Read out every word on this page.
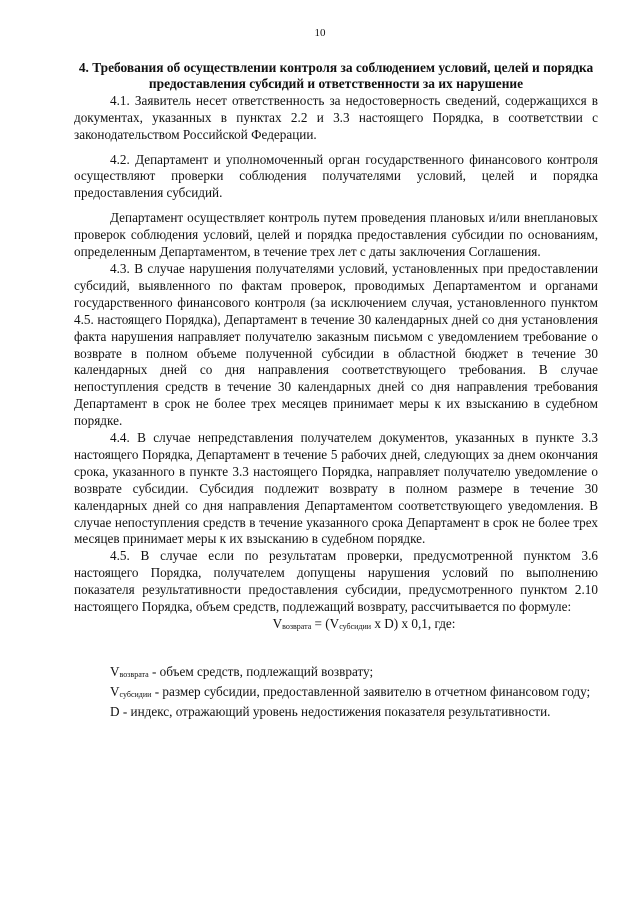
10

4. Требования об осуществлении контроля за соблюдением условий, целей и порядка предоставления субсидий и ответственности за их нарушение

4.1. Заявитель несет ответственность за недостоверность сведений, содержащихся в документах, указанных в пунктах 2.2 и 3.3 настоящего Порядка, в соответствии с законодательством Российской Федерации.

4.2. Департамент и уполномоченный орган государственного финансового контроля осуществляют проверки соблюдения получателями условий, целей и порядка предоставления субсидий.

Департамент осуществляет контроль путем проведения плановых и/или внеплановых проверок соблюдения условий, целей и порядка предоставления субсидии по основаниям, определенным Департаментом, в течение трех лет с даты заключения Соглашения.

4.3. В случае нарушения получателями условий, установленных при предоставлении субсидий, выявленного по фактам проверок, проводимых Департаментом и органами государственного финансового контроля (за исключением случая, установленного пунктом 4.5. настоящего Порядка), Департамент в течение 30 календарных дней со дня установления факта нарушения направляет получателю заказным письмом с уведомлением требование о возврате в полном объеме полученной субсидии в областной бюджет в течение 30 календарных дней со дня направления соответствующего требования. В случае непоступления средств в течение 30 календарных дней со дня направления требования Департамент в срок не более трех месяцев принимает меры к их взысканию в судебном порядке.

4.4. В случае непредставления получателем документов, указанных в пункте 3.3 настоящего Порядка, Департамент в течение 5 рабочих дней, следующих за днем окончания срока, указанного в пункте 3.3 настоящего Порядка, направляет получателю уведомление о возврате субсидии. Субсидия подлежит возврату в полном размере в течение 30 календарных дней со дня направления Департаментом соответствующего уведомления. В случае непоступления средств в течение указанного срока Департамент в срок не более трех месяцев принимает меры к их взысканию в судебном порядке.

4.5. В случае если по результатам проверки, предусмотренной пунктом 3.6 настоящего Порядка, получателем допущены нарушения условий по выполнению показателя результативности предоставления субсидии, предусмотренного пунктом 2.10 настоящего Порядка, объем средств, подлежащий возврату, рассчитывается по формуле:

$V_{возврата} = (V_{субсидии}$ x D) x 0,1, где:

$V_{возврата}$ - объем средств, подлежащий возврату;

$V_{субсидии}$ - размер субсидии, предоставленной заявителю в отчетном финансовом году;

D - индекс, отражающий уровень недостижения показателя результативности.
